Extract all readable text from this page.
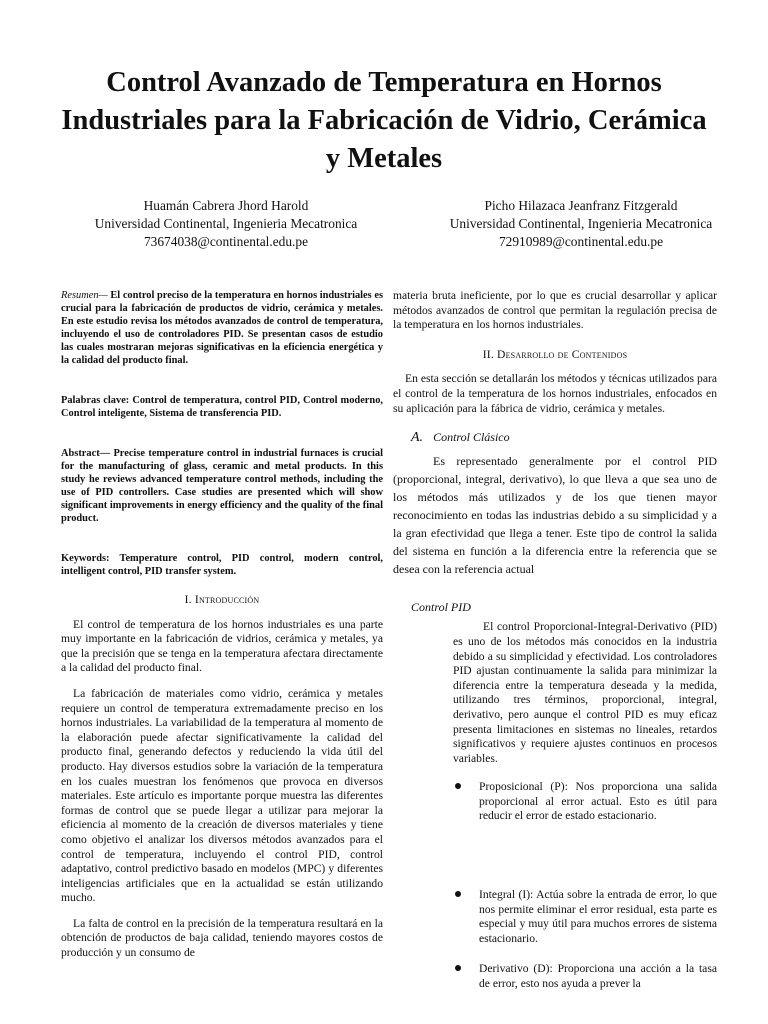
Control Avanzado de Temperatura en Hornos Industriales para la Fabricación de Vidrio, Cerámica y Metales
Huamán Cabrera Jhord Harold
Universidad Continental, Ingenieria Mecatronica
73674038@continental.edu.pe
Picho Hilazaca Jeanfranz Fitzgerald
Universidad Continental, Ingenieria Mecatronica
72910989@continental.edu.pe

Resumen— El control preciso de la temperatura en hornos industriales es crucial para la fabricación de productos de vidrio, cerámica y metales. En este estudio revisa los métodos avanzados de control de temperatura, incluyendo el uso de controladores PID. Se presentan casos de estudio las cuales mostraran mejoras significativas en la eficiencia energética y la calidad del producto final.

Palabras clave: Control de temperatura, control PID, Control moderno, Control inteligente, Sistema de transferencia PID.

Abstract— Precise temperature control in industrial furnaces is crucial for the manufacturing of glass, ceramic and metal products. In this study he reviews advanced temperature control methods, including the use of PID controllers. Case studies are presented which will show significant improvements in energy efficiency and the quality of the final product.

Keywords: Temperature control, PID control, modern control, intelligent control, PID transfer system.

I. Introducción

El control de temperatura de los hornos industriales es una parte muy importante en la fabricación de vidrios, cerámica y metales, ya que la precisión que se tenga en la temperatura afectara directamente a la calidad del producto final.

La fabricación de materiales como vidrio, cerámica y metales requiere un control de temperatura extremadamente preciso en los hornos industriales. La variabilidad de la temperatura al momento de la elaboración puede afectar significativamente la calidad del producto final, generando defectos y reduciendo la vida útil del producto. Hay diversos estudios sobre la variación de la temperatura en los cuales muestran los fenómenos que provoca en diversos materiales. Este artículo es importante porque muestra las diferentes formas de control que se puede llegar a utilizar para mejorar la eficiencia al momento de la creación de diversos materiales y tiene como objetivo el analizar los diversos métodos avanzados para el control de temperatura, incluyendo el control PID, control adaptativo, control predictivo basado en modelos (MPC) y diferentes inteligencias artificiales que en la actualidad se están utilizando mucho.

La falta de control en la precisión de la temperatura resultará en la obtención de productos de baja calidad, teniendo mayores costos de producción y un consumo de

materia bruta ineficiente, por lo que es crucial desarrollar y aplicar métodos avanzados de control que permitan la regulación precisa de la temperatura en los hornos industriales.

II. Desarrollo de Contenidos

En esta sección se detallarán los métodos y técnicas utilizados para el control de la temperatura de los hornos industriales, enfocados en su aplicación para la fábrica de vidrio, cerámica y metales.

A. Control Clásico

Es representado generalmente por el control PID (proporcional, integral, derivativo), lo que lleva a que sea uno de los métodos más utilizados y de los que tienen mayor reconocimiento en todas las industrias debido a su simplicidad y a la gran efectividad que llega a tener. Este tipo de control la salida del sistema en función a la diferencia entre la referencia que se desea con la referencia actual

Control PID

El control Proporcional-Integral-Derivativo (PID) es uno de los métodos más conocidos en la industria debido a su simplicidad y efectividad. Los controladores PID ajustan continuamente la salida para minimizar la diferencia entre la temperatura deseada y la medida, utilizando tres términos, proporcional, integral, derivativo, pero aunque el control PID es muy eficaz presenta limitaciones en sistemas no lineales, retardos significativos y requiere ajustes continuos en procesos variables.

Proposicional (P): Nos proporciona una salida proporcional al error actual. Esto es útil para reducir el error de estado estacionario.
Integral (I): Actúa sobre la entrada de error, lo que nos permite eliminar el error residual, esta parte es especial y muy útil para muchos errores de sistema estacionario.
Derivativo (D): Proporciona una acción a la tasa de error, esto nos ayuda a prever la
